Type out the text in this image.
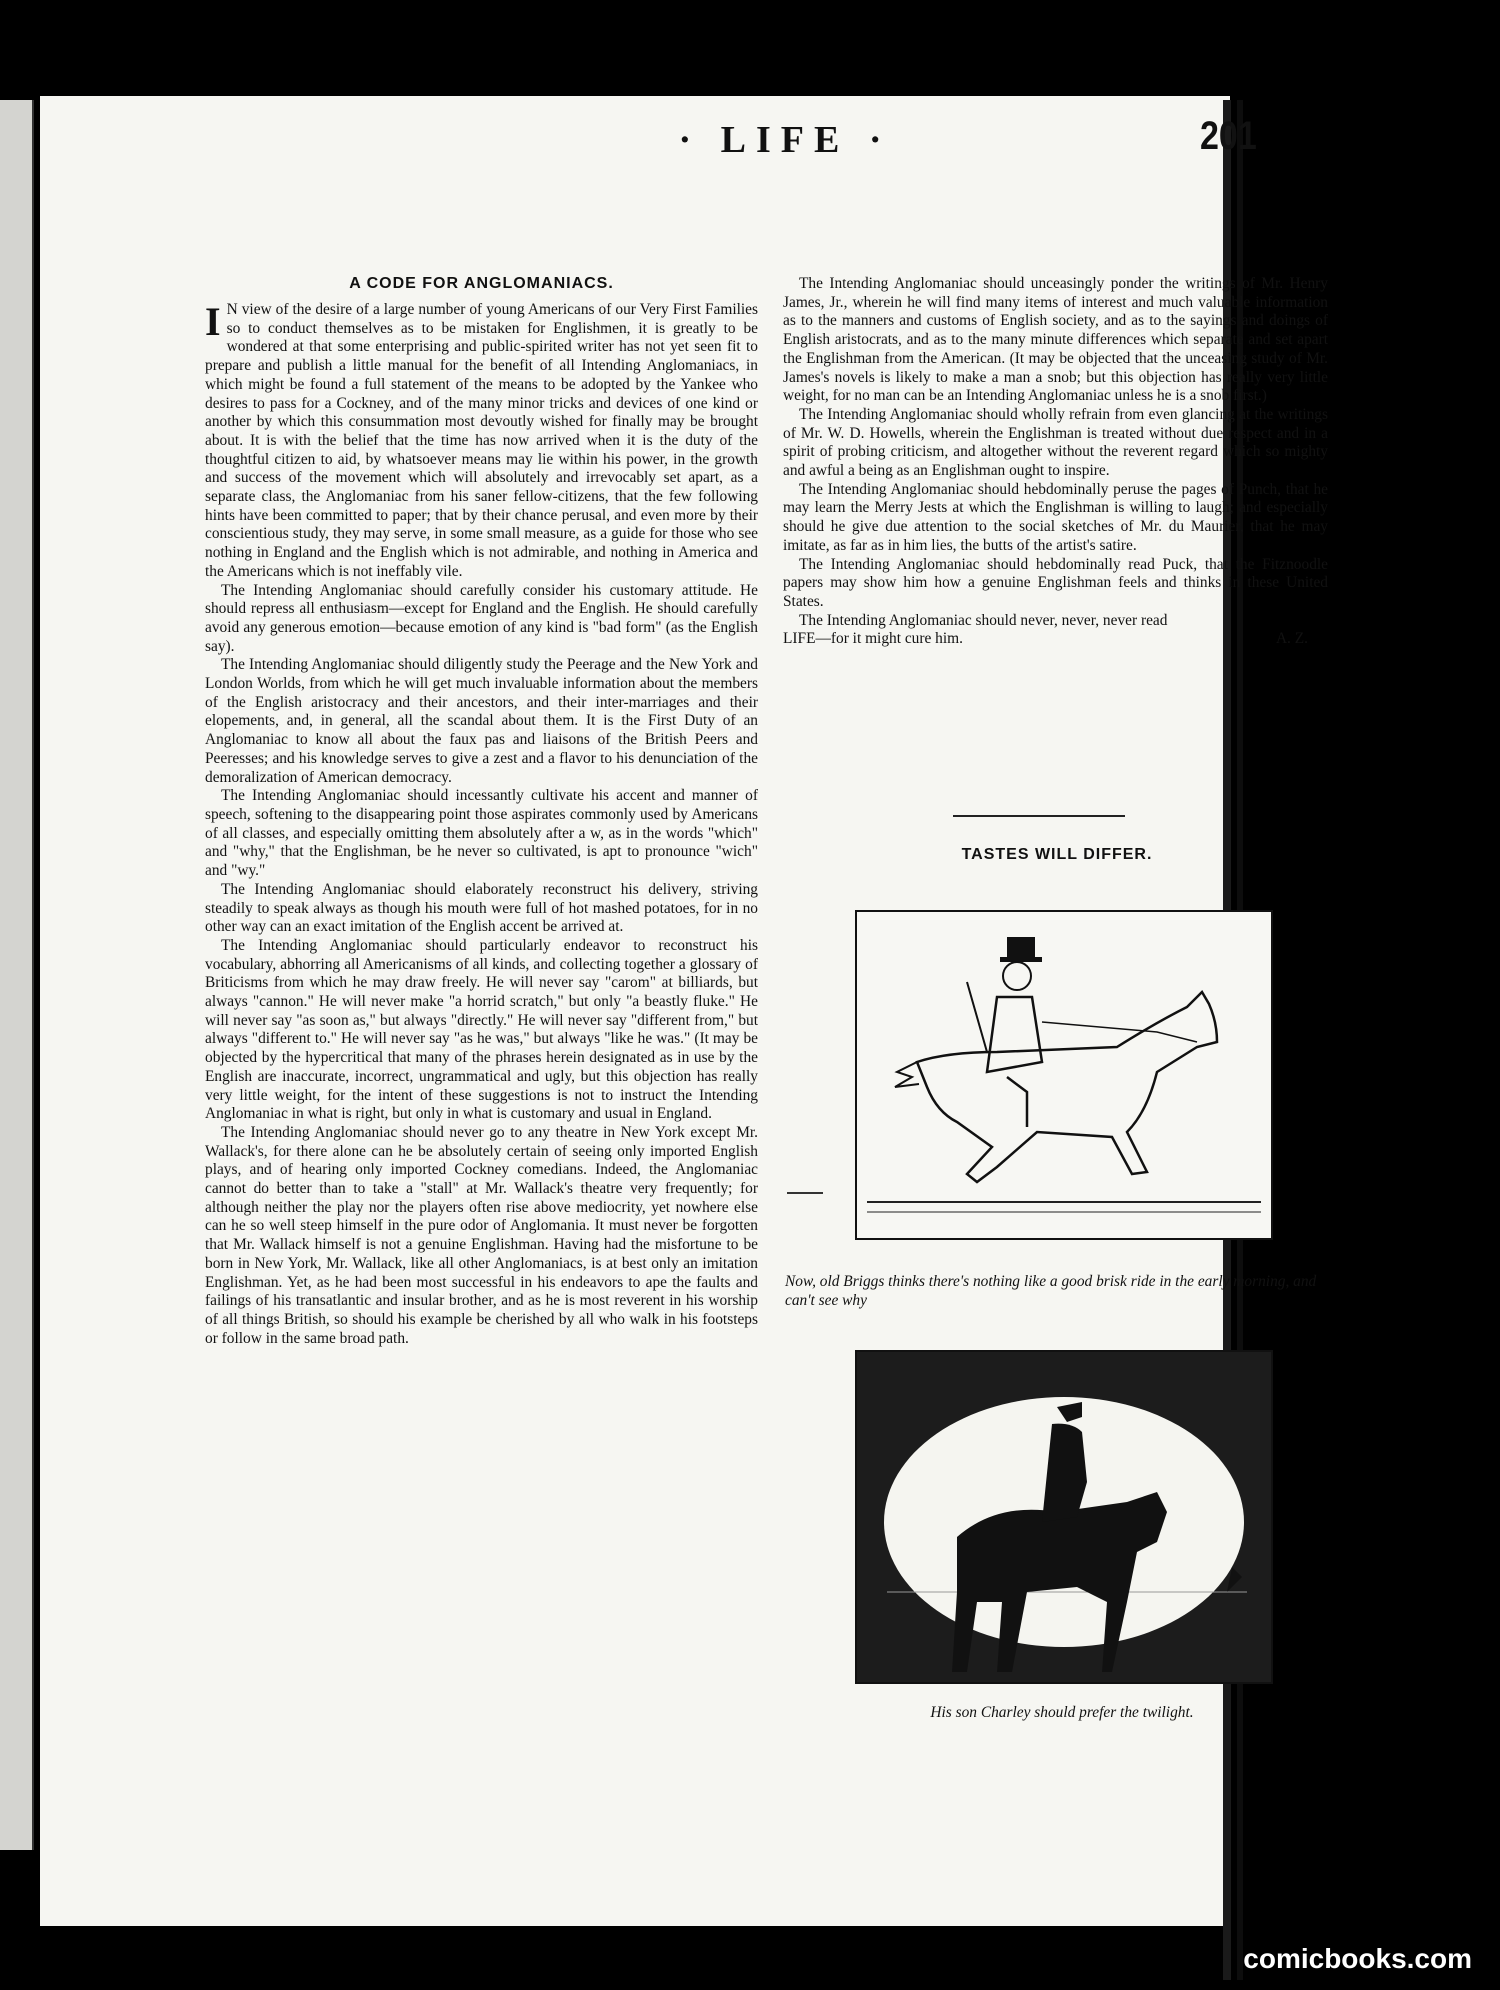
· LIFE ·	201
A CODE FOR ANGLOMANIACS.

I N view of the desire of a large number of young Americans of our Very First Families so to conduct themselves as to be mistaken for Englishmen, it is greatly to be wondered at that some enterprising and public-spirited writer has not yet seen fit to prepare and publish a little manual for the benefit of all Intending Anglomaniacs, in which might be found a full statement of the means to be adopted by the Yankee who desires to pass for a Cockney, and of the many minor tricks and devices of one kind or another by which this consummation most devoutly wished for finally may be brought about. It is with the belief that the time has now arrived when it is the duty of the thoughtful citizen to aid, by whatsoever means may lie within his power, in the growth and success of the movement which will absolutely and irrevocably set apart, as a separate class, the Anglomaniac from his saner fellow-citizens, that the few following hints have been committed to paper; that by their chance perusal, and even more by their conscientious study, they may serve, in some small measure, as a guide for those who see nothing in England and the English which is not admirable, and nothing in America and the Americans which is not ineffably vile.

The Intending Anglomaniac should carefully consider his customary attitude. He should repress all enthusiasm—except for England and the English. He should carefully avoid any generous emotion—because emotion of any kind is "bad form" (as the English say).

The Intending Anglomaniac should diligently study the Peerage and the New York and London Worlds, from which he will get much invaluable information about the members of the English aristocracy and their ancestors, and their inter-marriages and their elopements, and, in general, all the scandal about them. It is the First Duty of an Anglomaniac to know all about the faux pas and liaisons of the British Peers and Peeresses; and his knowledge serves to give a zest and a flavor to his denunciation of the demoralization of American democracy.

The Intending Anglomaniac should incessantly cultivate his accent and manner of speech, softening to the disappearing point those aspirates commonly used by Americans of all classes, and especially omitting them absolutely after a w, as in the words "which" and "why," that the Englishman, be he never so cultivated, is apt to pronounce "wich" and "wy."

The Intending Anglomaniac should elaborately reconstruct his delivery, striving steadily to speak always as though his mouth were full of hot mashed potatoes, for in no other way can an exact imitation of the English accent be arrived at.

The Intending Anglomaniac should particularly endeavor to reconstruct his vocabulary, abhorring all Americanisms of all kinds, and collecting together a glossary of Briticisms from which he may draw freely. He will never say "carom" at billiards, but always "cannon." He will never make "a horrid scratch," but only "a beastly fluke." He will never say "as soon as," but always "directly." He will never say "different from," but always "different to." He will never say "as he was," but always "like he was." (It may be objected by the hypercritical that many of the phrases herein designated as in use by the English are inaccurate, incorrect, ungrammatical and ugly, but this objection has really very little weight, for the intent of these suggestions is not to instruct the Intending Anglomaniac in what is right, but only in what is customary and usual in England.

The Intending Anglomaniac should never go to any theatre in New York except Mr. Wallack's, for there alone can he be absolutely certain of seeing only imported English plays, and of hearing only imported Cockney comedians. Indeed, the Anglomaniac cannot do better than to take a "stall" at Mr. Wallack's theatre very frequently; for although neither the play nor the players often rise above mediocrity, yet nowhere else can he so well steep himself in the pure odor of Anglomania. It must never be forgotten that Mr. Wallack himself is not a genuine Englishman. Having had the misfortune to be born in New York, Mr. Wallack, like all other Anglomaniacs, is at best only an imitation Englishman. Yet, as he had been most successful in his endeavors to ape the faults and failings of his transatlantic and insular brother, and as he is most reverent in his worship of all things British, so should his example be cherished by all who walk in his footsteps or follow in the same broad path.

The Intending Anglomaniac should unceasingly ponder the writings of Mr. Henry James, Jr., wherein he will find many items of interest and much valuable information as to the manners and customs of English society, and as to the sayings and doings of English aristocrats, and as to the many minute differences which separate and set apart the Englishman from the American. (It may be objected that the unceasing study of Mr. James's novels is likely to make a man a snob; but this objection has really very little weight, for no man can be an Intending Anglomaniac unless he is a snob first.)

The Intending Anglomaniac should wholly refrain from even glancing at the writings of Mr. W. D. Howells, wherein the Englishman is treated without due respect and in a spirit of probing criticism, and altogether without the reverent regard which so mighty and awful a being as an Englishman ought to inspire.

The Intending Anglomaniac should hebdominally peruse the pages of Punch, that he may learn the Merry Jests at which the Englishman is willing to laugh; and especially should he give due attention to the social sketches of Mr. du Maurier, that he may imitate, as far as in him lies, the butts of the artist's satire.

The Intending Anglomaniac should hebdominally read Puck, that the Fitznoodle papers may show him how a genuine Englishman feels and thinks in these United States.

The Intending Anglomaniac should never, never, never read

LIFE—for it might cure him.	A. Z.
TASTES WILL DIFFER.
Now, old Briggs thinks there's nothing like a good brisk ride in the early morning, and can't see why
His son Charley should prefer the twilight.
comicbooks.com
